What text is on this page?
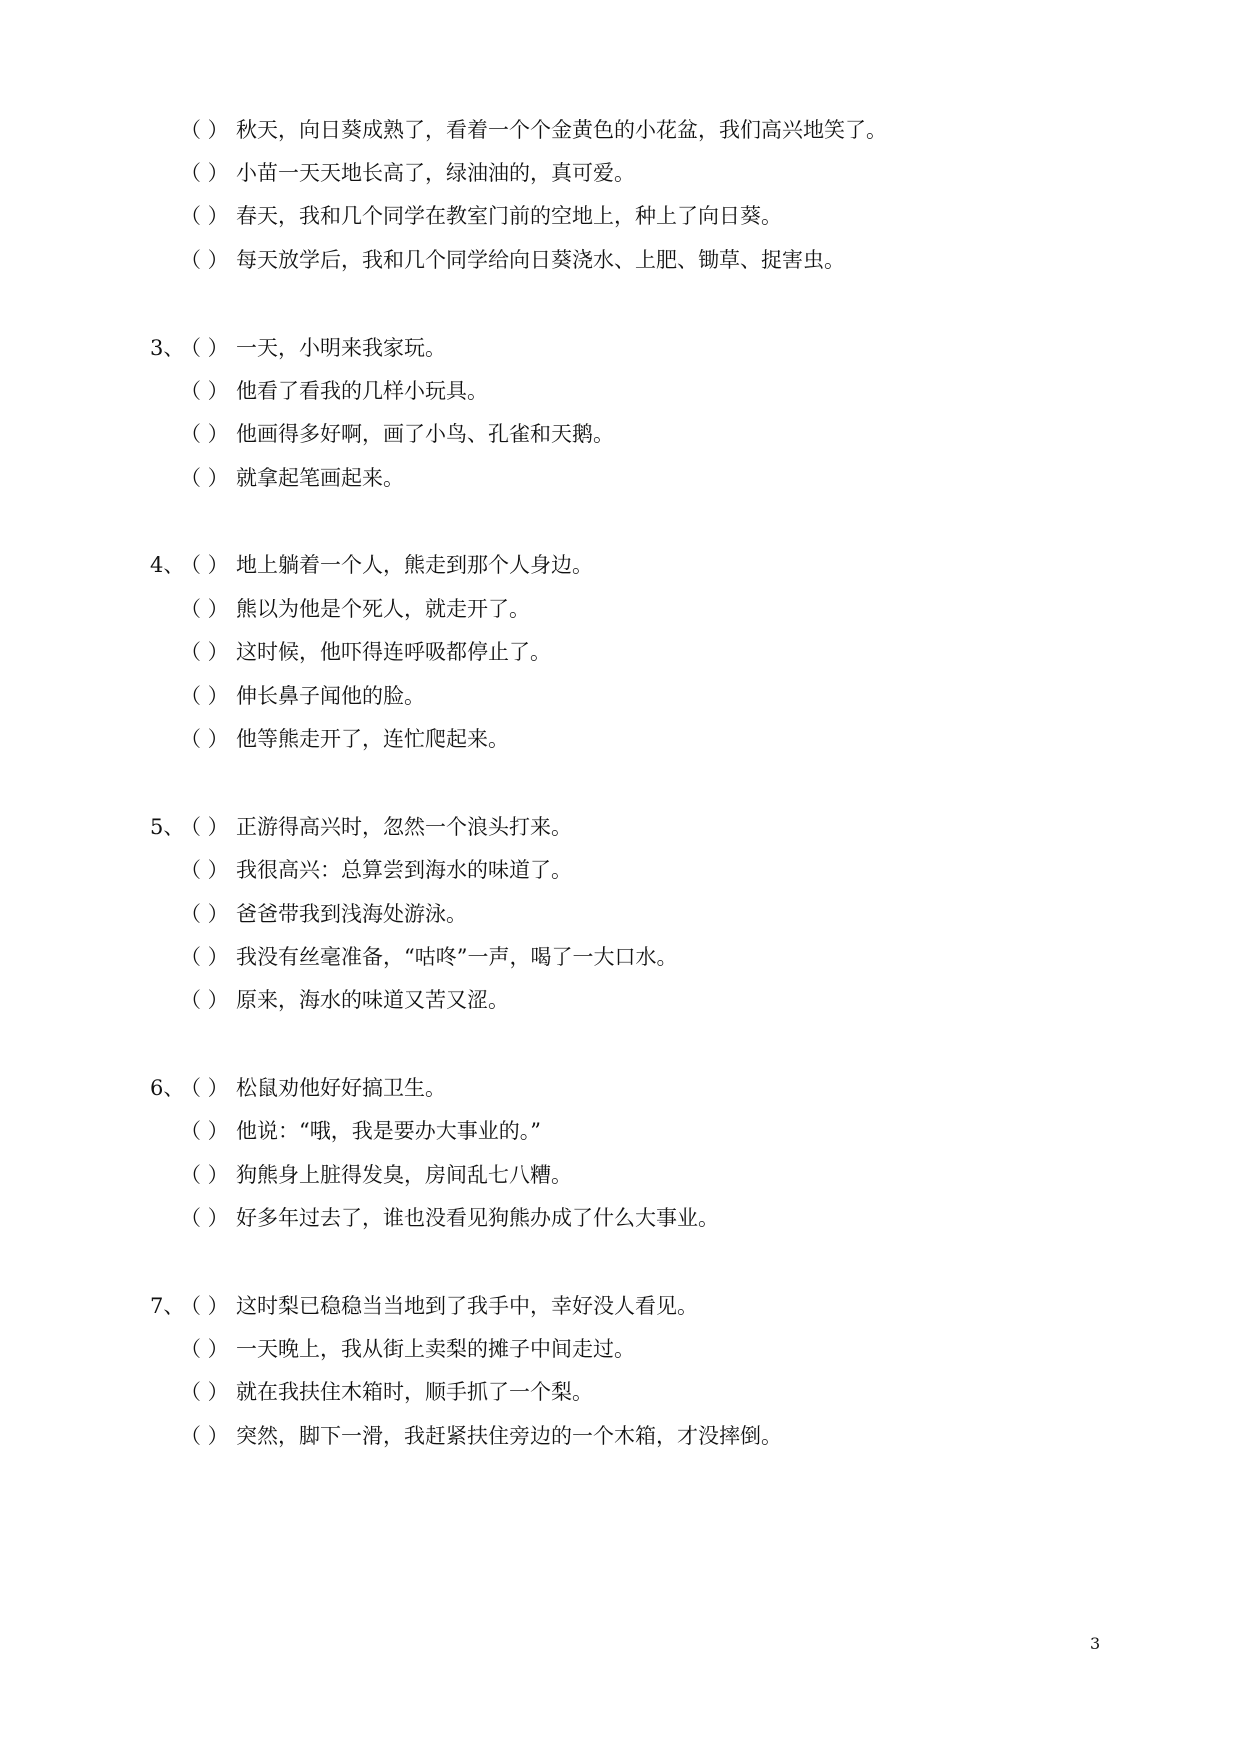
（ ） 秋天，向日葵成熟了，看着一个个金黄色的小花盆，我们高兴地笑了。
（ ） 小苗一天天地长高了，绿油油的，真可爱。
（ ） 春天，我和几个同学在教室门前的空地上，种上了向日葵。
（ ） 每天放学后，我和几个同学给向日葵浇水、上肥、锄草、捉害虫。
3、（ ） 一天，小明来我家玩。
（ ） 他看了看我的几样小玩具。
（ ） 他画得多好啊，画了小鸟、孔雀和天鹅。
（ ） 就拿起笔画起来。
4、（ ） 地上躺着一个人，熊走到那个人身边。
（ ） 熊以为他是个死人，就走开了。
（ ） 这时候，他吓得连呼吸都停止了。
（ ） 伸长鼻子闻他的脸。
（ ） 他等熊走开了，连忙爬起来。
5、（ ） 正游得高兴时，忽然一个浪头打来。
（ ） 我很高兴：总算尝到海水的味道了。
（ ） 爸爸带我到浅海处游泳。
（ ） 我没有丝毫准备，“咕咚”一声，喝了一大口水。
（ ） 原来，海水的味道又苦又涩。
6、（ ） 松鼠劝他好好搞卫生。
（ ） 他说：“哦，我是要办大事业的。”
（ ） 狗熊身上脏得发臭，房间乱七八糟。
（ ） 好多年过去了，谁也没看见狗熊办成了什么大事业。
7、（ ） 这时梨已稳稳当当地到了我手中，幸好没人看见。
（ ） 一天晚上，我从街上卖梨的摊子中间走过。
（ ） 就在我扶住木箱时，顺手抓了一个梨。
（ ） 突然，脚下一滑，我赶紧扶住旁边的一个木箱，才没摔倒。
3
